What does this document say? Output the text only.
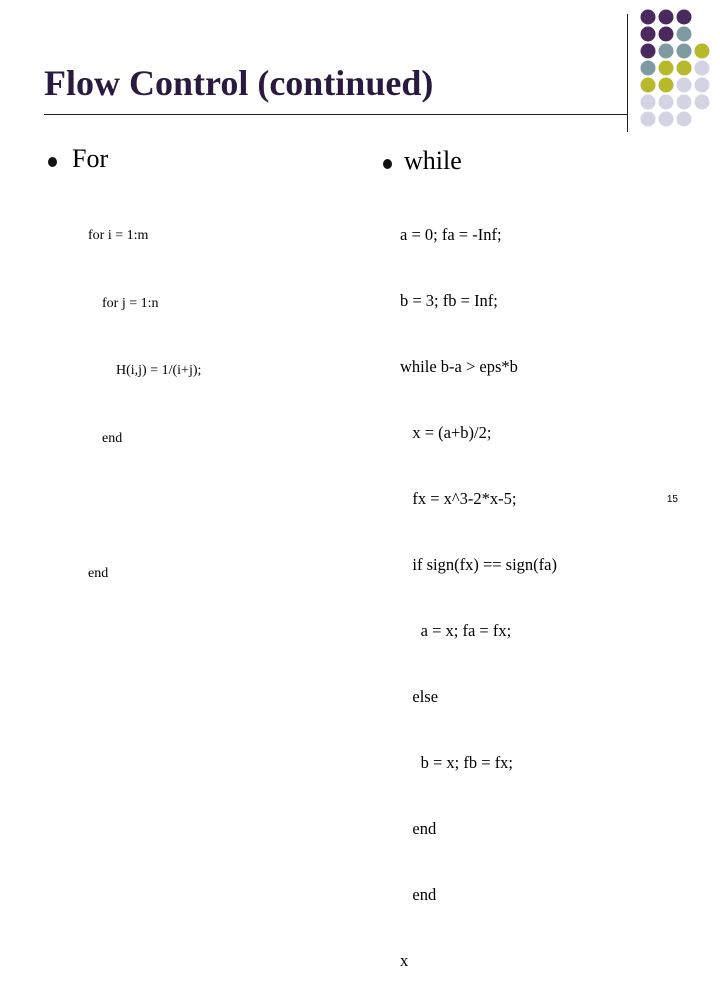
Flow Control (continued)
For

for i = 1:m

for j = 1:n

H(i,j) = 1/(i+j);

end

end

while

a = 0; fa = -Inf;

b = 3; fb = Inf;

while b-a > eps*b

x = (a+b)/2;

fx = x^3-2*x-5;

if sign(fx) == sign(fa)

a = x; fa = fx;

else

b = x; fb = fx;

end

end

x

15
